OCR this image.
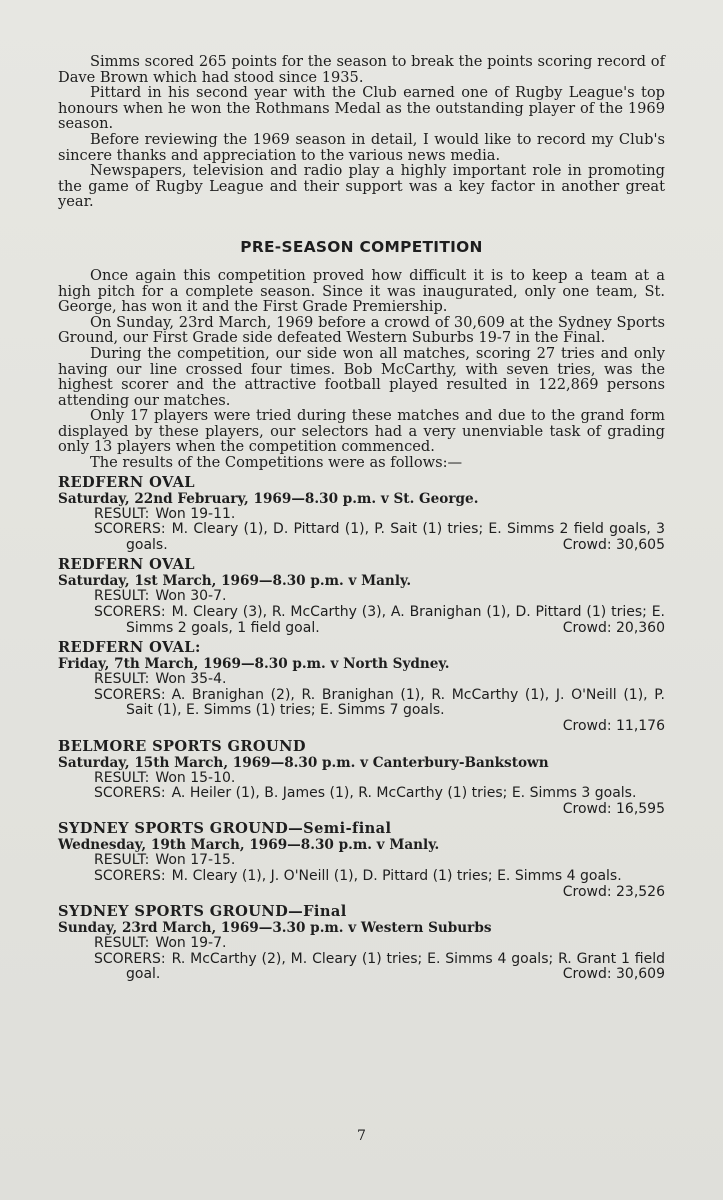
Simms scored 265 points for the season to break the points scoring record of Dave Brown which had stood since 1935.

Pittard in his second year with the Club earned one of Rugby League's top honours when he won the Rothmans Medal as the outstanding player of the 1969 season.

Before reviewing the 1969 season in detail, I would like to record my Club's sincere thanks and appreciation to the various news media.

Newspapers, television and radio play a highly important role in promoting the game of Rugby League and their support was a key factor in another great year.

PRE-SEASON COMPETITION

Once again this competition proved how difficult it is to keep a team at a high pitch for a complete season. Since it was inaugurated, only one team, St. George, has won it and the First Grade Premiership.

On Sunday, 23rd March, 1969 before a crowd of 30,609 at the Sydney Sports Ground, our First Grade side defeated Western Suburbs 19-7 in the Final.

During the competition, our side won all matches, scoring 27 tries and only having our line crossed four times. Bob McCarthy, with seven tries, was the highest scorer and the attractive football played resulted in 122,869 persons attending our matches.

Only 17 players were tried during these matches and due to the grand form displayed by these players, our selectors had a very unenviable task of grading only 13 players when the competition commenced.

The results of the Competitions were as follows:—

REDFERN OVAL
Saturday, 22nd February, 1969—8.30 p.m. v St. George.
RESULT: Won 19-11.
SCORERS: M. Cleary (1), D. Pittard (1), P. Sait (1) tries; E. Simms 2 field goals, 3 goals.	Crowd: 30,605
REDFERN OVAL
Saturday, 1st March, 1969—8.30 p.m. v Manly.
RESULT: Won 30-7.
SCORERS: M. Cleary (3), R. McCarthy (3), A. Branighan (1), D. Pittard (1) tries; E. Simms 2 goals, 1 field goal.	Crowd: 20,360
REDFERN OVAL:
Friday, 7th March, 1969—8.30 p.m. v North Sydney.
RESULT: Won 35-4.
SCORERS: A. Branighan (2), R. Branighan (1), R. McCarthy (1), J. O'Neill (1), P. Sait (1), E. Simms (1) tries; E. Simms 7 goals.

Crowd: 11,176
BELMORE SPORTS GROUND
Saturday, 15th March, 1969—8.30 p.m. v Canterbury-Bankstown
RESULT: Won 15-10.
SCORERS: A. Heiler (1), B. James (1), R. McCarthy (1) tries; E. Simms 3 goals.
Crowd: 16,595
SYDNEY SPORTS GROUND—Semi-final
Wednesday, 19th March, 1969—8.30 p.m. v Manly.
RESULT: Won 17-15.
SCORERS: M. Cleary (1), J. O'Neill (1), D. Pittard (1) tries; E. Simms 4 goals.
Crowd: 23,526
SYDNEY SPORTS GROUND—Final
Sunday, 23rd March, 1969—3.30 p.m. v Western Suburbs
RESULT: Won 19-7.
SCORERS: R. McCarthy (2), M. Cleary (1) tries; E. Simms 4 goals; R. Grant 1 field goal.	Crowd: 30,609
7
